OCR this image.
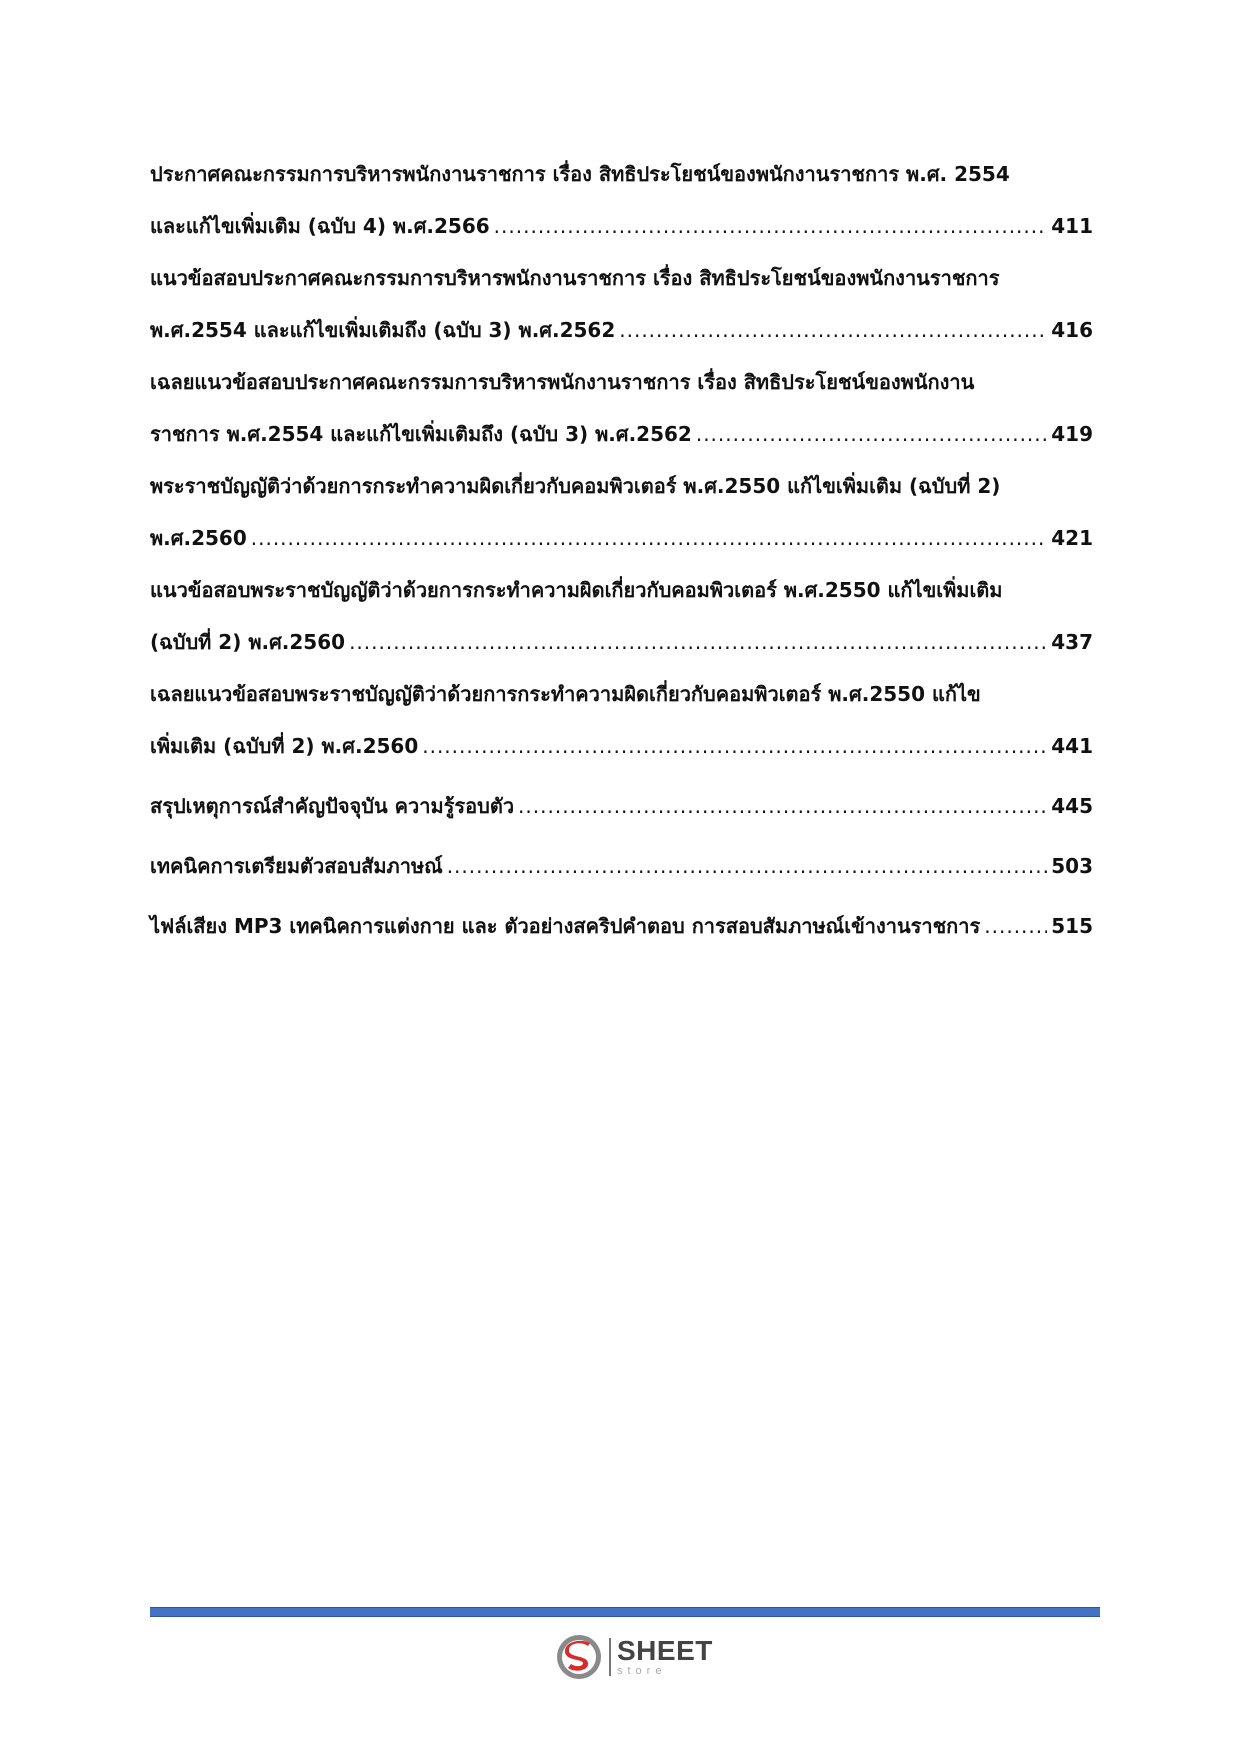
ประกาศคณะกรรมการบริหารพนักงานราชการ เรื่อง สิทธิประโยชน์ของพนักงานราชการ พ.ศ. 2554
และแก้ไขเพิ่มเติม (ฉบับ 4) พ.ศ.2566 .....	411
แนวข้อสอบประกาศคณะกรรมการบริหารพนักงานราชการ เรื่อง สิทธิประโยชน์ของพนักงานราชการ
พ.ศ.2554 และแก้ไขเพิ่มเติมถึง (ฉบับ 3) พ.ศ.2562 .....	416
เฉลยแนวข้อสอบประกาศคณะกรรมการบริหารพนักงานราชการ เรื่อง สิทธิประโยชน์ของพนักงาน
ราชการ พ.ศ.2554 และแก้ไขเพิ่มเติมถึง (ฉบับ 3) พ.ศ.2562 .....	419
พระราชบัญญัติว่าด้วยการกระทำความผิดเกี่ยวกับคอมพิวเตอร์ พ.ศ.2550 แก้ไขเพิ่มเติม (ฉบับที่ 2)
พ.ศ.2560 .....	421
แนวข้อสอบพระราชบัญญัติว่าด้วยการกระทำความผิดเกี่ยวกับคอมพิวเตอร์ พ.ศ.2550 แก้ไขเพิ่มเติม
(ฉบับที่ 2) พ.ศ.2560 .....	437
เฉลยแนวข้อสอบพระราชบัญญัติว่าด้วยการกระทำความผิดเกี่ยวกับคอมพิวเตอร์ พ.ศ.2550 แก้ไข
เพิ่มเติม (ฉบับที่ 2) พ.ศ.2560 .....	441
สรุปเหตุการณ์สำคัญปัจจุบัน ความรู้รอบตัว .....	445
เทคนิคการเตรียมตัวสอบสัมภาษณ์ .....	503
ไฟล์เสียง MP3 เทคนิคการแต่งกาย และ ตัวอย่างสคริปคำตอบ การสอบสัมภาษณ์เข้างานราชการ .....	515
SHEET
store
